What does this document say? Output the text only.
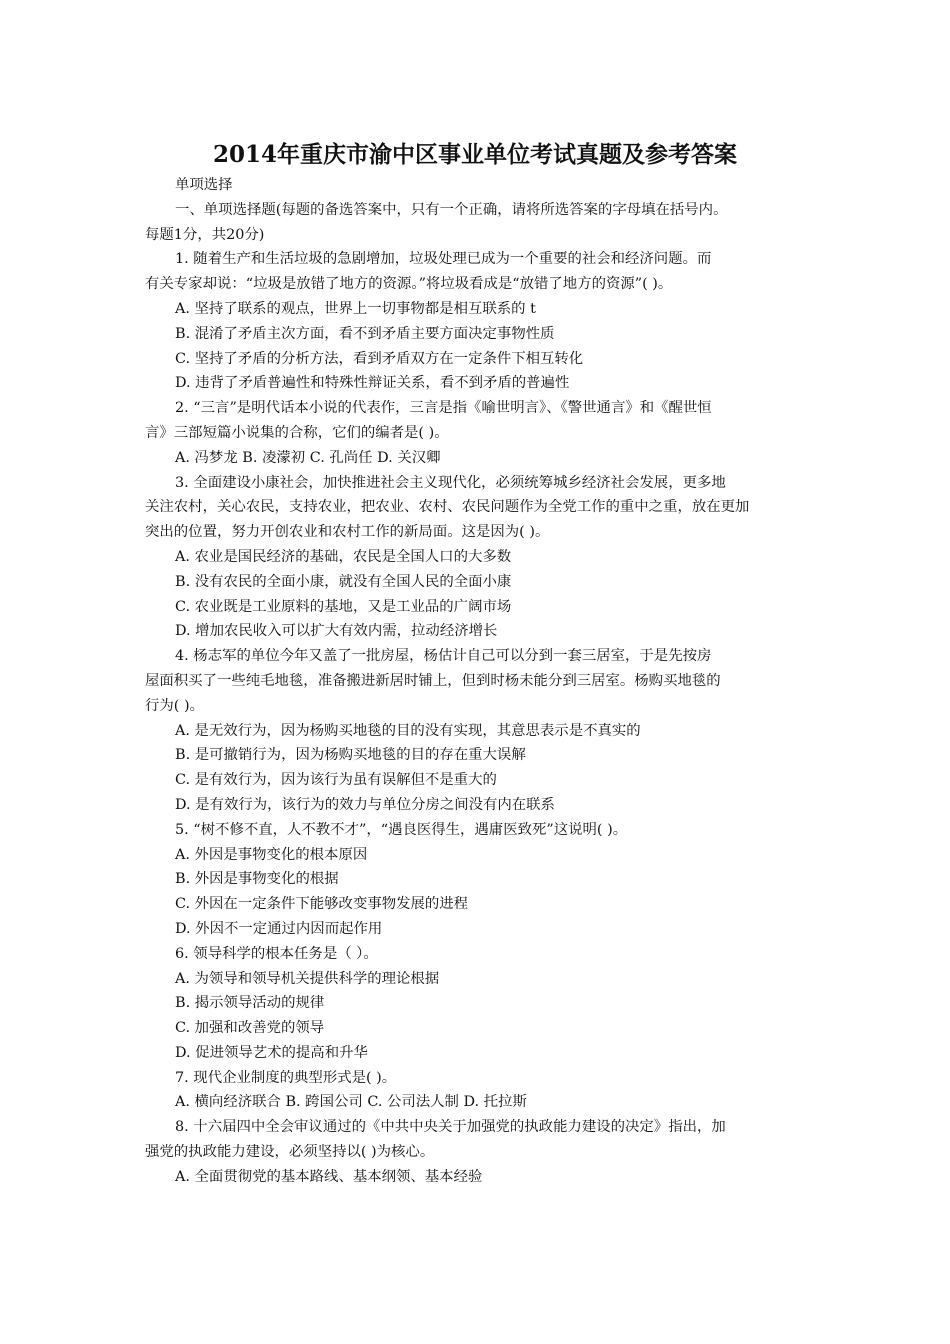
2014年重庆市渝中区事业单位考试真题及参考答案

单项选择

一、单项选择题(每题的备选答案中，只有一个正确，请将所选答案的字母填在括号内。

每题1分，共20分)

1. 随着生产和生活垃圾的急剧增加，垃圾处理已成为一个重要的社会和经济问题。而

有关专家却说：“垃圾是放错了地方的资源。”将垃圾看成是“放错了地方的资源”( )。

A. 坚持了联系的观点，世界上一切事物都是相互联系的 t

B. 混淆了矛盾主次方面，看不到矛盾主要方面决定事物性质

C. 坚持了矛盾的分析方法，看到矛盾双方在一定条件下相互转化

D. 违背了矛盾普遍性和特殊性辩证关系，看不到矛盾的普遍性

2. “三言”是明代话本小说的代表作，三言是指《喻世明言》、《警世通言》和《醒世恒

言》三部短篇小说集的合称，它们的编者是( )。

A. 冯梦龙 B. 凌濛初 C. 孔尚任 D. 关汉卿

3. 全面建设小康社会，加快推进社会主义现代化，必须统筹城乡经济社会发展，更多地

关注农村，关心农民，支持农业，把农业、农村、农民问题作为全党工作的重中之重，放在更加

突出的位置，努力开创农业和农村工作的新局面。这是因为( )。

A. 农业是国民经济的基础，农民是全国人口的大多数

B. 没有农民的全面小康，就没有全国人民的全面小康

C. 农业既是工业原料的基地，又是工业品的广阔市场

D. 增加农民收入可以扩大有效内需，拉动经济增长

4. 杨志军的单位今年又盖了一批房屋，杨估计自己可以分到一套三居室，于是先按房

屋面积买了一些纯毛地毯，准备搬进新居时铺上，但到时杨未能分到三居室。杨购买地毯的

行为( )。

A. 是无效行为，因为杨购买地毯的目的没有实现，其意思表示是不真实的

B. 是可撤销行为，因为杨购买地毯的目的存在重大误解

C. 是有效行为，因为该行为虽有误解但不是重大的

D. 是有效行为，该行为的效力与单位分房之间没有内在联系

5. “树不修不直，人不教不才”，“遇良医得生，遇庸医致死”这说明( )。

A. 外因是事物变化的根本原因

B. 外因是事物变化的根据

C. 外因在一定条件下能够改变事物发展的进程

D. 外因不一定通过内因而起作用

6. 领导科学的根本任务是（ ）。

A. 为领导和领导机关提供科学的理论根据

B. 揭示领导活动的规律

C. 加强和改善党的领导

D. 促进领导艺术的提高和升华

7. 现代企业制度的典型形式是( )。

A. 横向经济联合 B. 跨国公司 C. 公司法人制 D. 托拉斯

8. 十六届四中全会审议通过的《中共中央关于加强党的执政能力建设的决定》指出，加

强党的执政能力建设，必须坚持以( )为核心。

A. 全面贯彻党的基本路线、基本纲领、基本经验
